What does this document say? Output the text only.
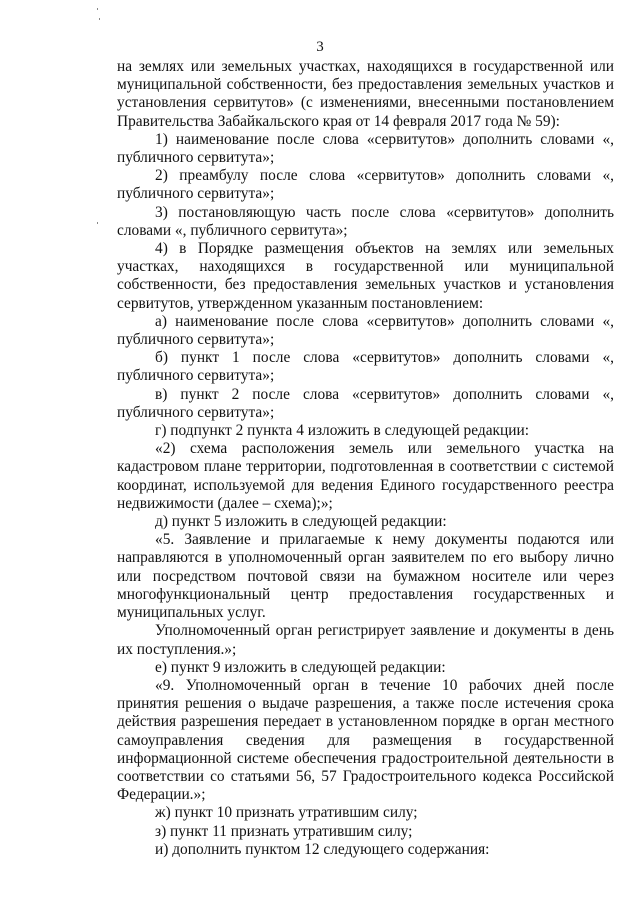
3

на землях или земельных участках, находящихся в государственной или муниципальной собственности, без предоставления земельных участков и установления сервитутов» (с изменениями, внесенными постановлением Правительства Забайкальского края от 14 февраля 2017 года № 59):

1) наименование после слова «сервитутов» дополнить словами «, публичного сервитута»;

2) преамбулу после слова «сервитутов» дополнить словами «, публичного сервитута»;

3) постановляющую часть после слова «сервитутов» дополнить словами «, публичного сервитута»;

4) в Порядке размещения объектов на землях или земельных участках, находящихся в государственной или муниципальной собственности, без предоставления земельных участков и установления сервитутов, утвержденном указанным постановлением:

а) наименование после слова «сервитутов» дополнить словами «, публичного сервитута»;

б) пункт 1 после слова «сервитутов» дополнить словами «, публичного сервитута»;

в) пункт 2 после слова «сервитутов» дополнить словами «, публичного сервитута»;

г) подпункт 2 пункта 4 изложить в следующей редакции:

«2) схема расположения земель или земельного участка на кадастровом плане территории, подготовленная в соответствии с системой координат, используемой для ведения Единого государственного реестра недвижимости (далее – схема);»;

д) пункт 5 изложить в следующей редакции:

«5. Заявление и прилагаемые к нему документы подаются или направляются в уполномоченный орган заявителем по его выбору лично или посредством почтовой связи на бумажном носителе или через многофункциональный центр предоставления государственных и муниципальных услуг.

Уполномоченный орган регистрирует заявление и документы в день их поступления.»;

е) пункт 9 изложить в следующей редакции:

«9. Уполномоченный орган в течение 10 рабочих дней после принятия решения о выдаче разрешения, а также после истечения срока действия разрешения передает в установленном порядке в орган местного самоуправления сведения для размещения в государственной информационной системе обеспечения градостроительной деятельности в соответствии со статьями 56, 57 Градостроительного кодекса Российской Федерации.»;

ж) пункт 10 признать утратившим силу;

з) пункт 11 признать утратившим силу;

и) дополнить пунктом 12 следующего содержания:
